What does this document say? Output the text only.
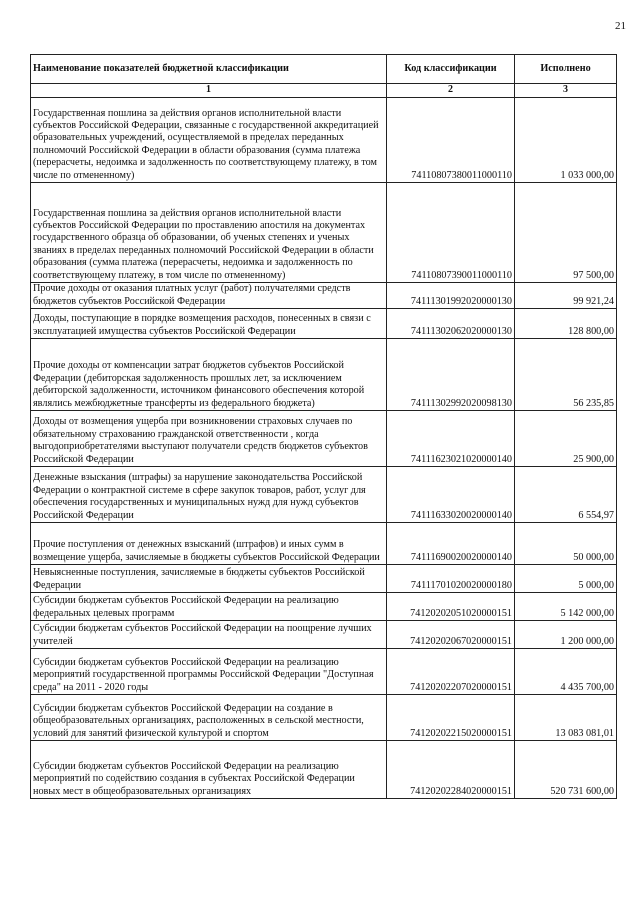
21
Наименование показателей бюджетной классификации	Код классификации	Исполнено
1	2	3
Государственная пошлина за действия органов исполнительной власти субъектов Российской Федерации, связанные с государственной аккредитацией образовательных учреждений, осуществляемой в пределах переданных полномочий Российской Федерации в области образования (сумма платежа (перерасчеты, недоимка и задолженность по соответствующему платежу, в том числе по отмененному)	74110807380011000110	1 033 000,00
Государственная пошлина за действия органов исполнительной власти субъектов Российской Федерации по проставлению апостиля на документах государственного образца об образовании, об ученых степенях и ученых званиях в пределах переданных полномочий Российской Федерации в области образования (сумма платежа (перерасчеты, недоимка и задолженность по соответствующему платежу, в том числе по отмененному)	74110807390011000110	97 500,00
Прочие доходы от оказания платных услуг (работ) получателями средств бюджетов субъектов Российской Федерации	74111301992020000130	99 921,24
Доходы, поступающие в порядке возмещения расходов, понесенных в связи с эксплуатацией имущества субъектов Российской Федерации	74111302062020000130	128 800,00
Прочие доходы от компенсации затрат бюджетов субъектов Российской Федерации (дебиторская задолженность прошлых лет, за исключением дебиторской задолженности, источником финансового обеспечения которой являлись межбюджетные трансферты из федерального бюджета)	74111302992020098130	56 235,85
Доходы от возмещения ущерба при возникновении страховых случаев по обязательному страхованию гражданской ответственности , когда выгодоприобретателями выступают получатели средств бюджетов субъектов Российской Федерации	74111623021020000140	25 900,00
Денежные взыскания (штрафы) за нарушение законодательства Российской Федерации о контрактной системе в сфере закупок товаров, работ, услуг для обеспечения государственных и муниципальных нужд для нужд субъектов Российской Федерации	74111633020020000140	6 554,97
Прочие поступления от денежных взысканий (штрафов) и иных сумм в возмещение ущерба, зачисляемые в бюджеты субъектов Российской Федерации	74111690020020000140	50 000,00
Невыясненные поступления, зачисляемые в бюджеты субъектов Российской Федерации	74111701020020000180	5 000,00
Субсидии бюджетам субъектов Российской Федерации на реализацию федеральных целевых программ	74120202051020000151	5 142 000,00
Субсидии бюджетам субъектов Российской Федерации на поощрение лучших учителей	74120202067020000151	1 200 000,00
Субсидии бюджетам субъектов Российской Федерации на реализацию мероприятий государственной программы Российской Федерации "Доступная среда" на 2011 - 2020 годы	74120202207020000151	4 435 700,00
Субсидии бюджетам субъектов Российской Федерации на создание в общеобразовательных организациях, расположенных в сельской местности, условий для занятий физической культурой и спортом	74120202215020000151	13 083 081,01
Субсидии бюджетам субъектов Российской Федерации на реализацию мероприятий по содействию создания в субъектах Российской Федерации новых мест в общеобразовательных организациях	74120202284020000151	520 731 600,00
